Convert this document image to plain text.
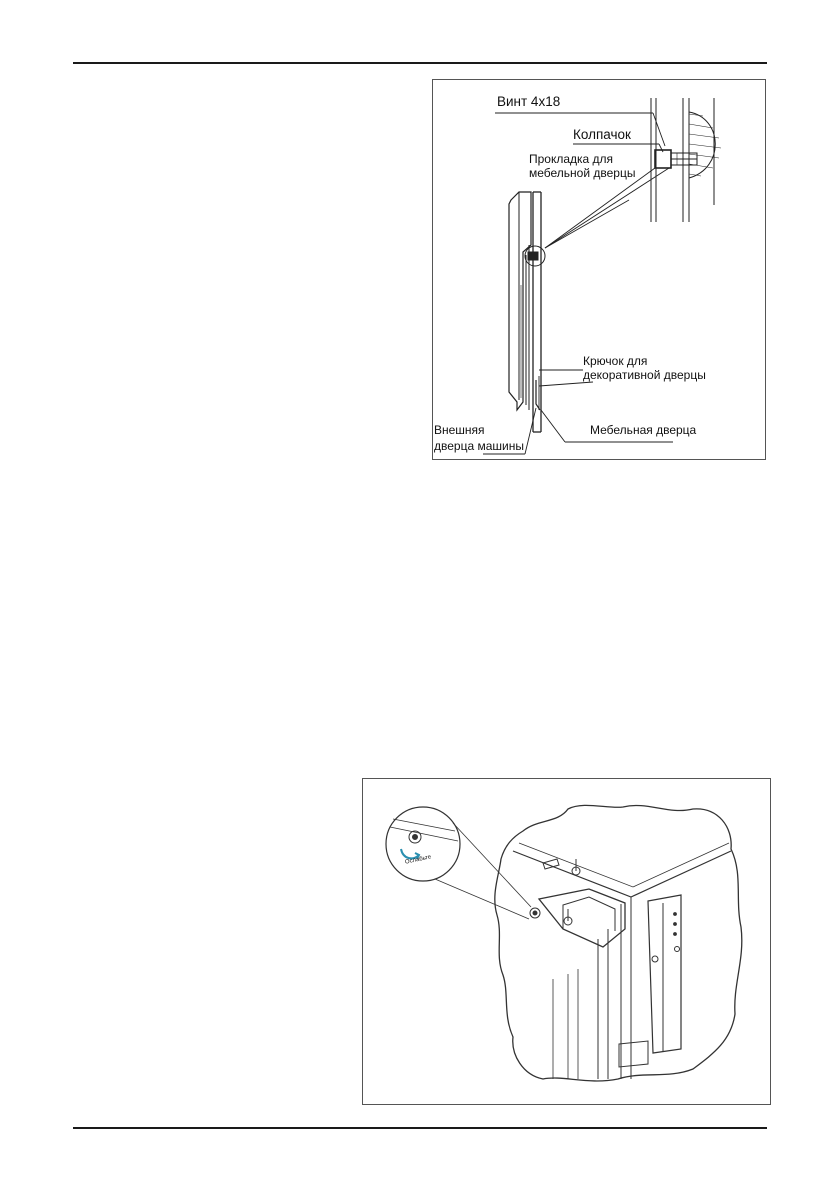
Винт 4x18
Колпачок
Прокладка для
мебельной дверцы
Крючок для
декоративной дверцы
Внешняя
дверца машины
Мебельная дверца
Ослабьте
